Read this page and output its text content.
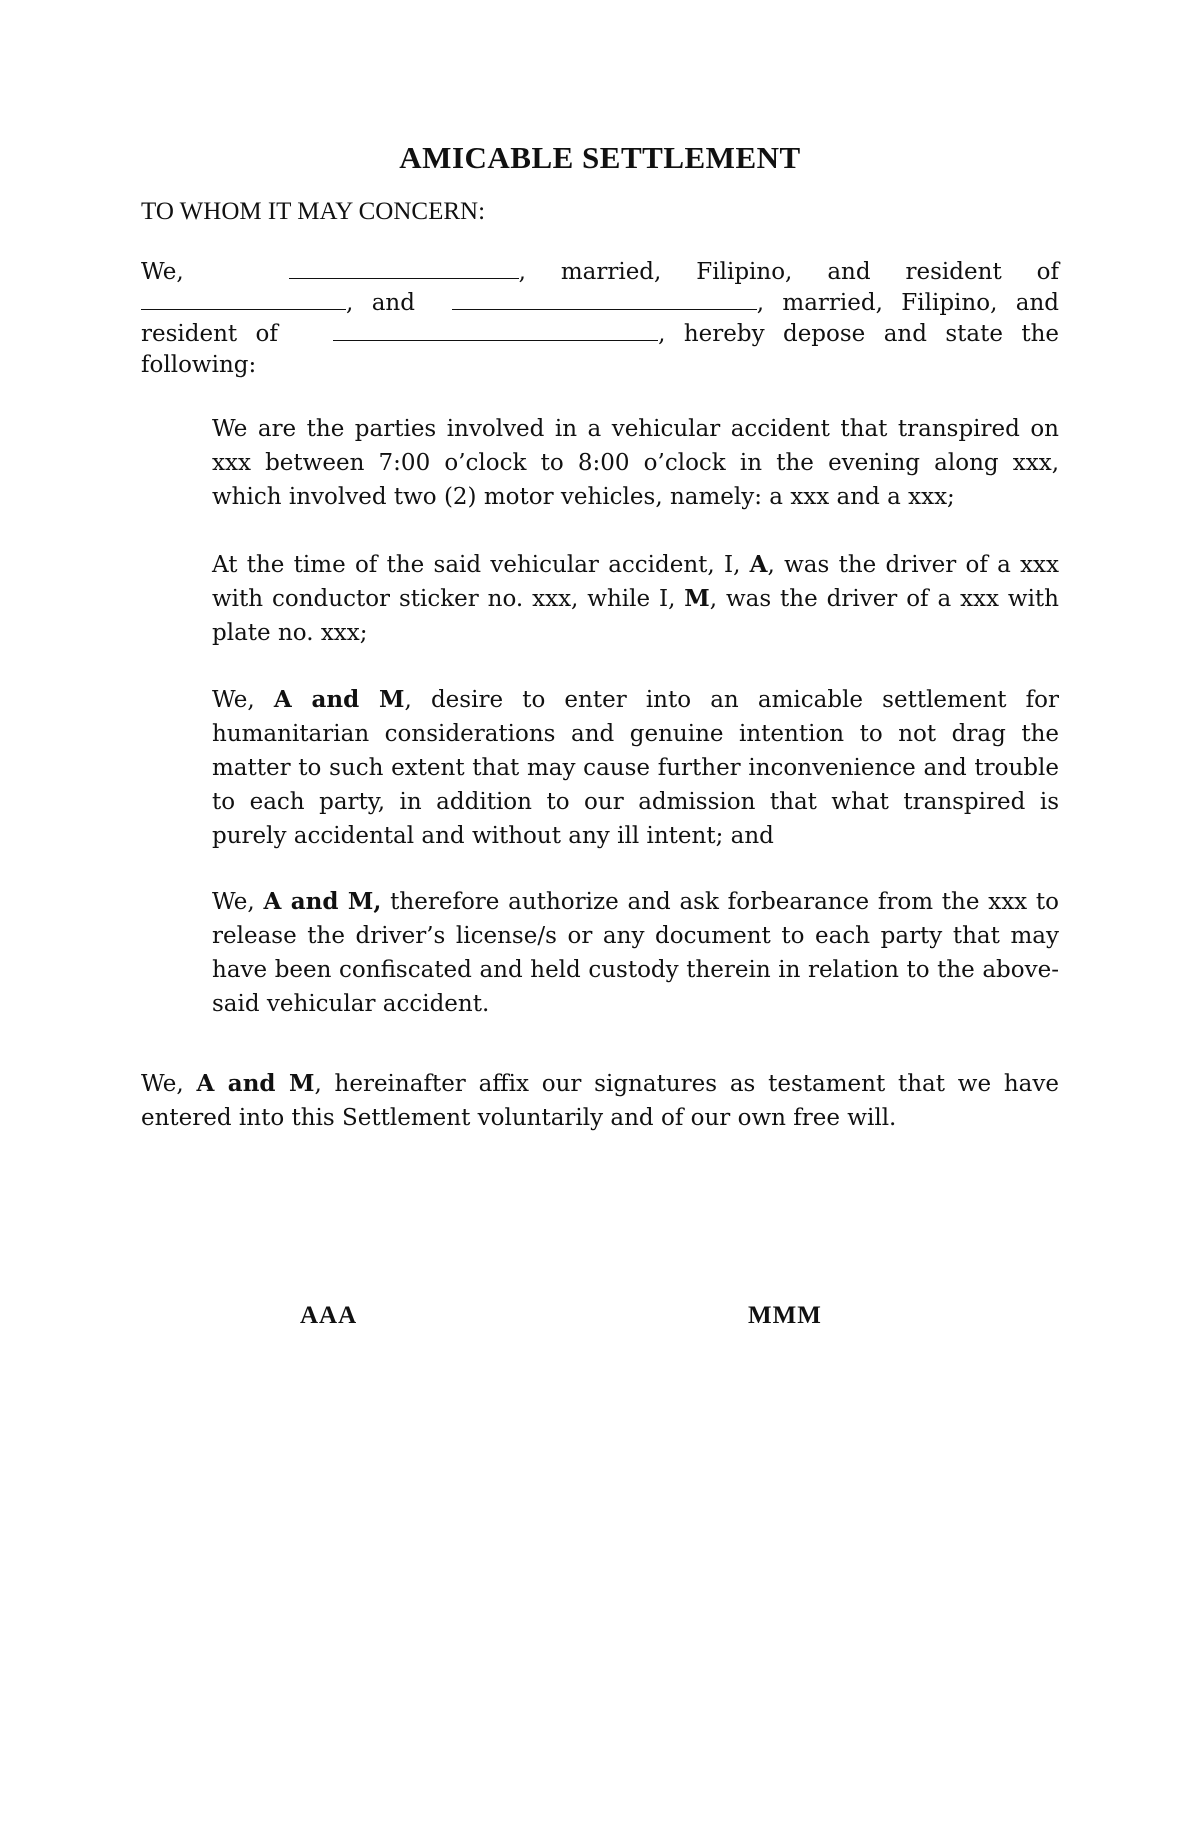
AMICABLE SETTLEMENT
TO WHOM IT MAY CONCERN:
We,	, married, Filipino, and resident of
, and	, married, Filipino, and
resident of	, hereby depose and state the
following:
We are the parties involved in a vehicular accident that transpired on xxx between 7:00 o’clock to 8:00 o’clock in the evening along xxx, which involved two (2) motor vehicles, namely: a xxx and a xxx;
At the time of the said vehicular accident, I, A, was the driver of a xxx with conductor sticker no. xxx, while I, M, was the driver of a xxx with plate no. xxx;
We, A and M, desire to enter into an amicable settlement for humanitarian considerations and genuine intention to not drag the matter to such extent that may cause further inconvenience and trouble to each party, in addition to our admission that what transpired is purely accidental and without any ill intent; and
We, A and M, therefore authorize and ask forbearance from the xxx to release the driver’s license/s or any document to each party that may have been confiscated and held custody therein in relation to the above-said vehicular accident.
We, A and M, hereinafter affix our signatures as testament that we have entered into this Settlement voluntarily and of our own free will.
AAA	MMM
